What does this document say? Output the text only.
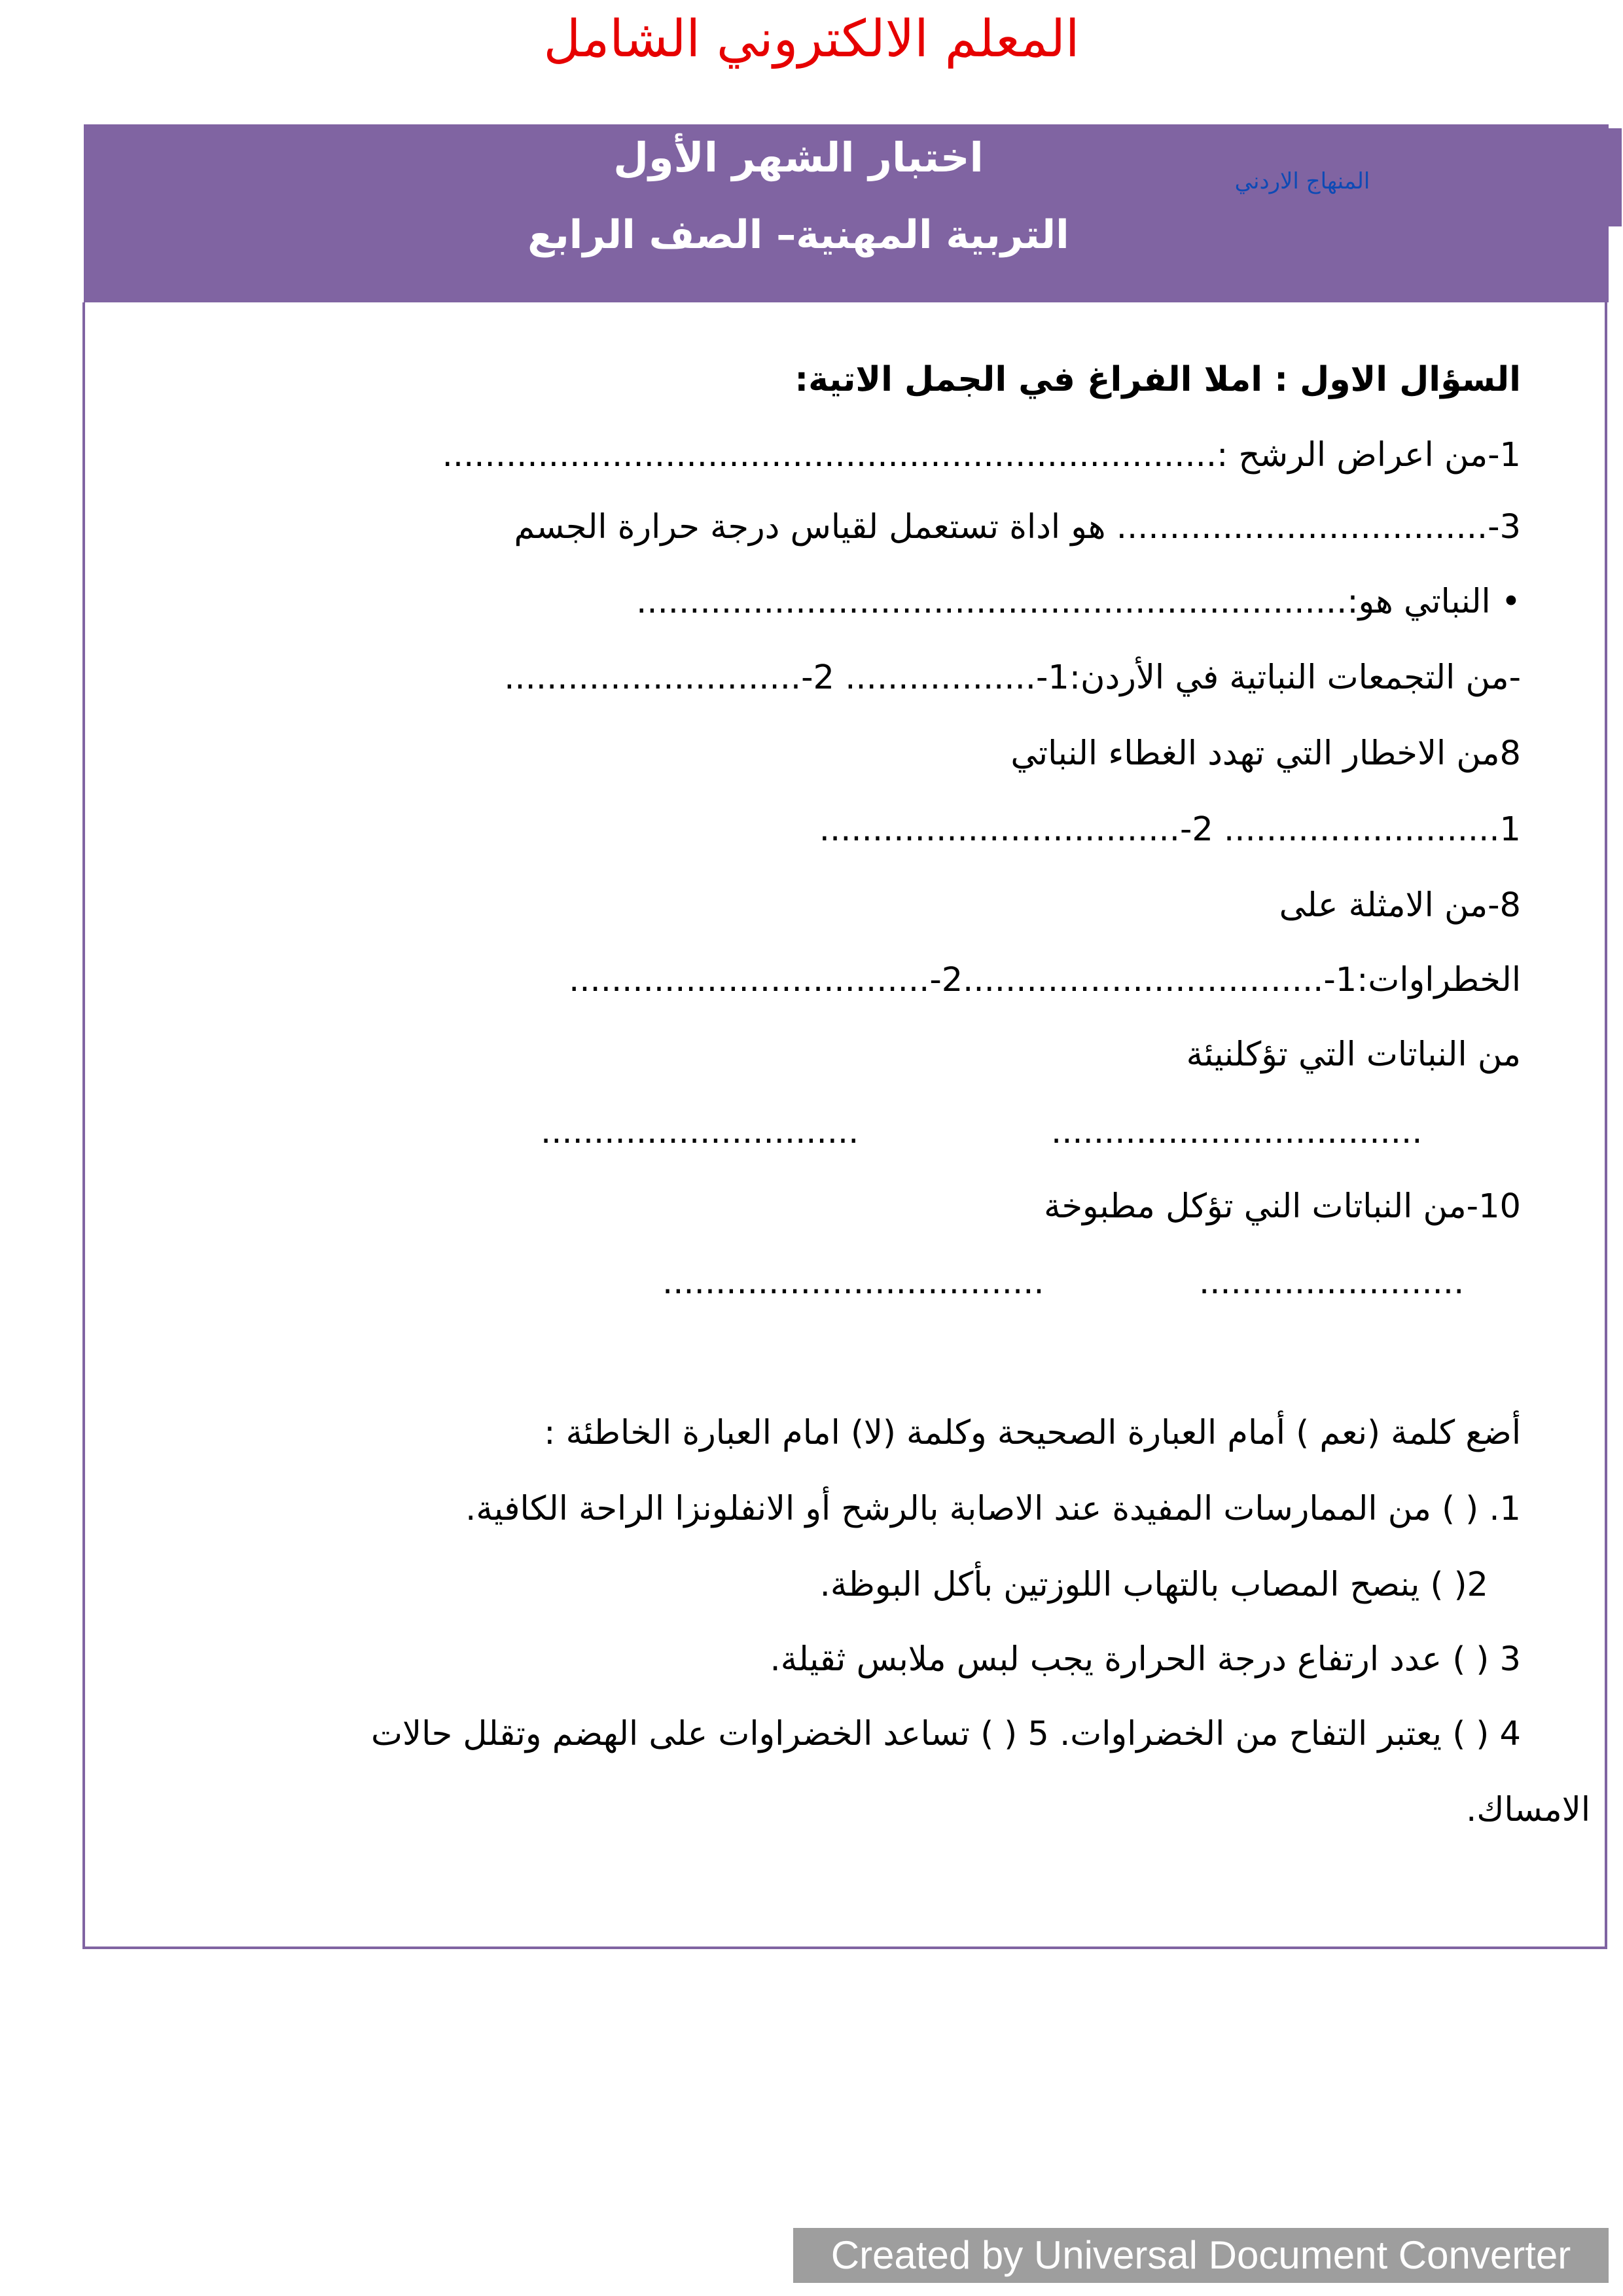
المعلم الالكتروني الشامل
اختبار الشهر الأول
التربية المهنية– الصف الرابع
المنهاج الاردني
السؤال الاول : املا الفراغ في الجمل الاتية:
1-من اعراض الرشح :.........................................................................
3-................................... هو اداة تستعمل لقياس درجة حرارة الجسم
• النباتي هو:...................................................................
-من التجمعات النباتية في الأردن:1-.................. 2-............................
8من الاخطار التي تهدد الغطاء النباتي
1.......................... 2-..................................
8-من الامثلة على
الخطراوات:1-..................................2-..................................
من النباتات التي تؤكلنيئة
...................................
..............................
10-من النباتات الني تؤكل مطبوخة
.........................
....................................
أضع كلمة (نعم ) أمام العبارة الصحيحة وكلمة (لا) امام العبارة الخاطئة :
1. ( ) من الممارسات المفيدة عند الاصابة بالرشح أو الانفلونزا الراحة الكافية.
2( ) ينصح المصاب بالتهاب اللوزتين بأكل البوظة.
3 ( ) عدد ارتفاع درجة الحرارة يجب لبس ملابس ثقيلة.
4 ( ) يعتبر التفاح من الخضراوات. 5 ( ) تساعد الخضراوات على الهضم وتقلل حالات
الامساك.
Created by Universal Document Converter
